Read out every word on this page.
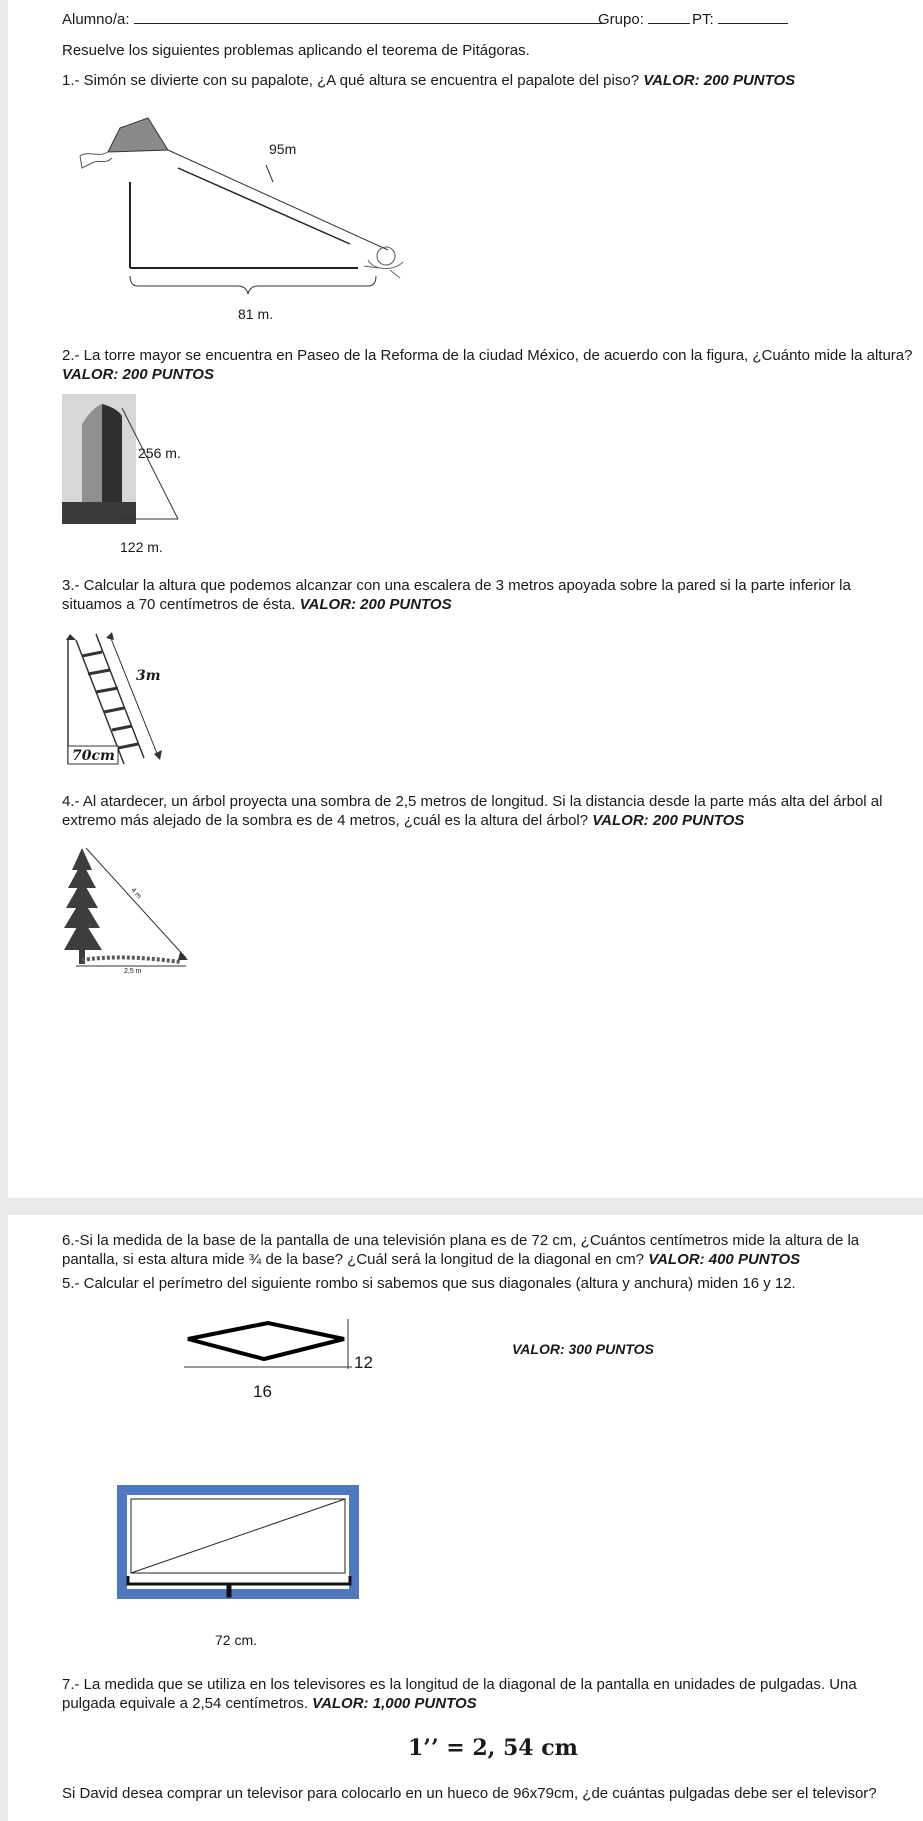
Alumno/a:	Grupo:	PT:
Resuelve los siguientes problemas aplicando el teorema de Pitágoras.
1.- Simón se divierte con su papalote, ¿A qué altura se encuentra el papalote del piso? VALOR: 200 PUNTOS
95m
81 m.
2.- La torre mayor se encuentra en Paseo de la Reforma de la ciudad México, de acuerdo con la figura, ¿Cuánto mide la altura? VALOR: 200 PUNTOS
256 m.
122 m.
3.- Calcular la altura que podemos alcanzar con una escalera de 3 metros apoyada sobre la pared si la parte inferior la situamos a 70 centímetros de ésta. VALOR: 200 PUNTOS
3m
70cm
4.- Al atardecer, un árbol proyecta una sombra de 2,5 metros de longitud. Si la distancia desde la parte más alta del árbol al extremo más alejado de la sombra es de 4 metros, ¿cuál es la altura del árbol? VALOR: 200 PUNTOS
4 m
2,5 m
5.- Calcular el perímetro del siguiente rombo si sabemos que sus diagonales (altura y anchura) miden 16 y 12.
12
16
VALOR: 300 PUNTOS
6.-Si la medida de la base de la pantalla de una televisión plana es de 72 cm, ¿Cuántos centímetros mide la altura de la pantalla, si esta altura mide ¾ de la base? ¿Cuál será la longitud de la diagonal en cm? VALOR: 400 PUNTOS
72 cm.
7.- La medida que se utiliza en los televisores es la longitud de la diagonal de la pantalla en unidades de pulgadas. Una pulgada equivale a 2,54 centímetros. VALOR: 1,000 PUNTOS
1’’ = 2, 54 cm
Si David desea comprar un televisor para colocarlo en un hueco de 96x79cm, ¿de cuántas pulgadas debe ser el televisor?
